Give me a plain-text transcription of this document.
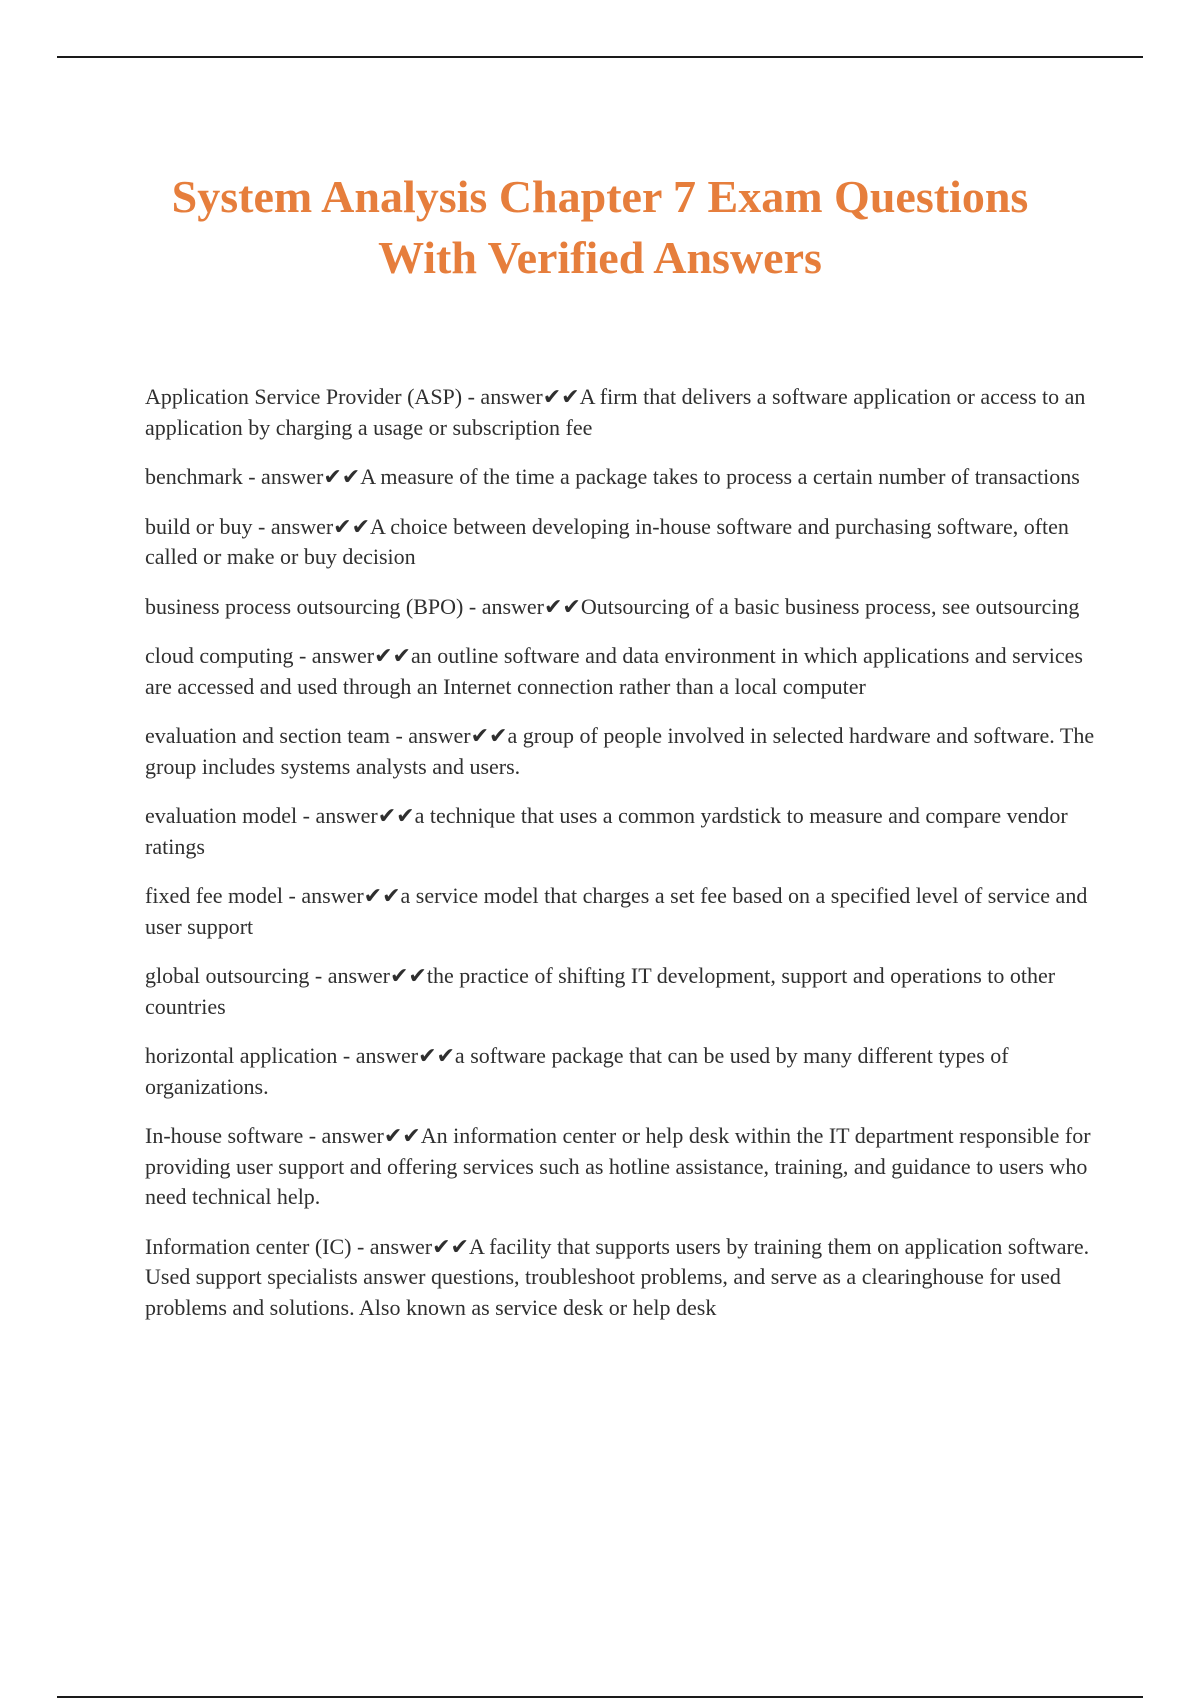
System Analysis Chapter 7 Exam Questions
With Verified Answers

Application Service Provider (ASP) - answer✔✔A firm that delivers a software application or access to an application by charging a usage or subscription fee

benchmark - answer✔✔A measure of the time a package takes to process a certain number of transactions

build or buy - answer✔✔A choice between developing in-house software and purchasing software, often called or make or buy decision

business process outsourcing (BPO) - answer✔✔Outsourcing of a basic business process, see outsourcing

cloud computing - answer✔✔an outline software and data environment in which applications and services are accessed and used through an Internet connection rather than a local computer

evaluation and section team - answer✔✔a group of people involved in selected hardware and software. The group includes systems analysts and users.

evaluation model - answer✔✔a technique that uses a common yardstick to measure and compare vendor ratings

fixed fee model - answer✔✔a service model that charges a set fee based on a specified level of service and user support

global outsourcing - answer✔✔the practice of shifting IT development, support and operations to other countries

horizontal application - answer✔✔a software package that can be used by many different types of organizations.

In-house software - answer✔✔An information center or help desk within the IT department responsible for providing user support and offering services such as hotline assistance, training, and guidance to users who need technical help.

Information center (IC) - answer✔✔A facility that supports users by training them on application software. Used support specialists answer questions, troubleshoot problems, and serve as a clearinghouse for used problems and solutions. Also known as service desk or help desk
